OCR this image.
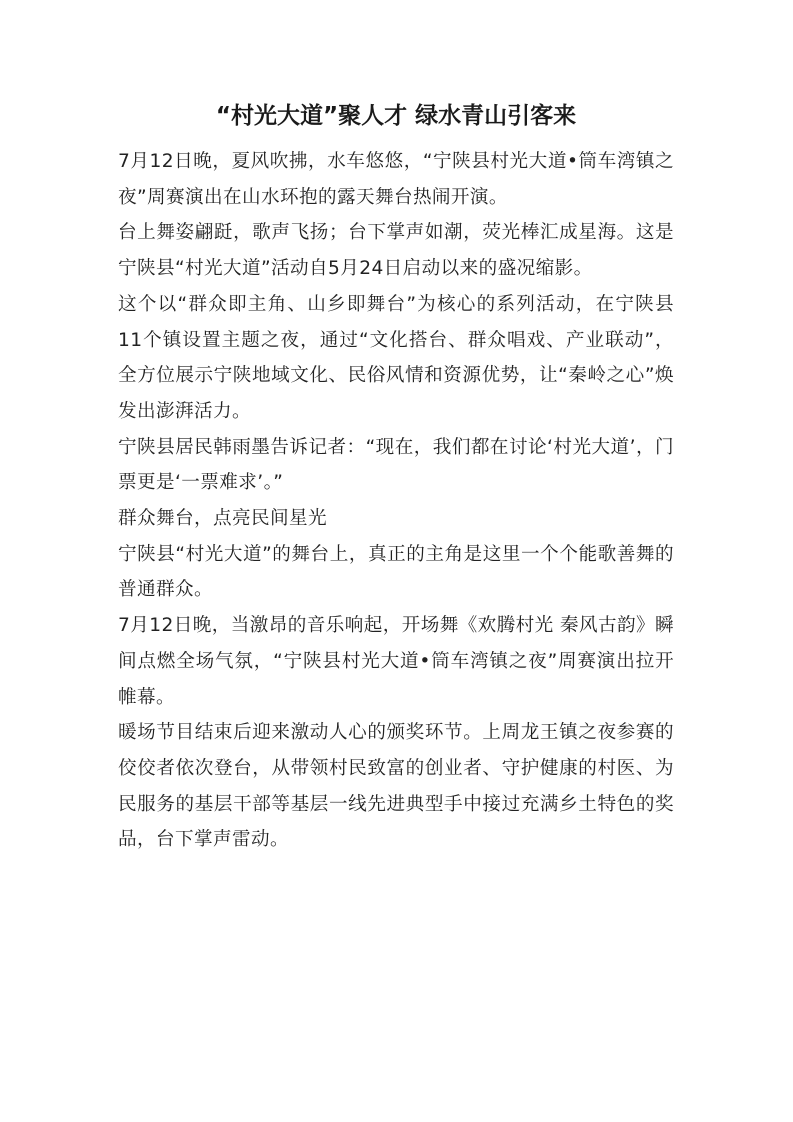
“村光大道”聚人才 绿水青山引客来

7月12日晚，夏风吹拂，水车悠悠，“宁陕县村光大道•筒车湾镇之夜”周赛演出在山水环抱的露天舞台热闹开演。

台上舞姿翩跹，歌声飞扬；台下掌声如潮，荧光棒汇成星海。这是宁陕县“村光大道”活动自5月24日启动以来的盛况缩影。

这个以“群众即主角、山乡即舞台”为核心的系列活动，在宁陕县11个镇设置主题之夜，通过“文化搭台、群众唱戏、产业联动”，全方位展示宁陕地域文化、民俗风情和资源优势，让“秦岭之心”焕发出澎湃活力。

宁陕县居民韩雨墨告诉记者：“现在，我们都在讨论‘村光大道’，门票更是‘一票难求’。”

群众舞台，点亮民间星光

宁陕县“村光大道”的舞台上，真正的主角是这里一个个能歌善舞的普通群众。

7月12日晚，当激昂的音乐响起，开场舞《欢腾村光 秦风古韵》瞬间点燃全场气氛，“宁陕县村光大道•筒车湾镇之夜”周赛演出拉开帷幕。

暖场节目结束后迎来激动人心的颁奖环节。上周龙王镇之夜参赛的佼佼者依次登台，从带领村民致富的创业者、守护健康的村医、为民服务的基层干部等基层一线先进典型手中接过充满乡土特色的奖品，台下掌声雷动。
